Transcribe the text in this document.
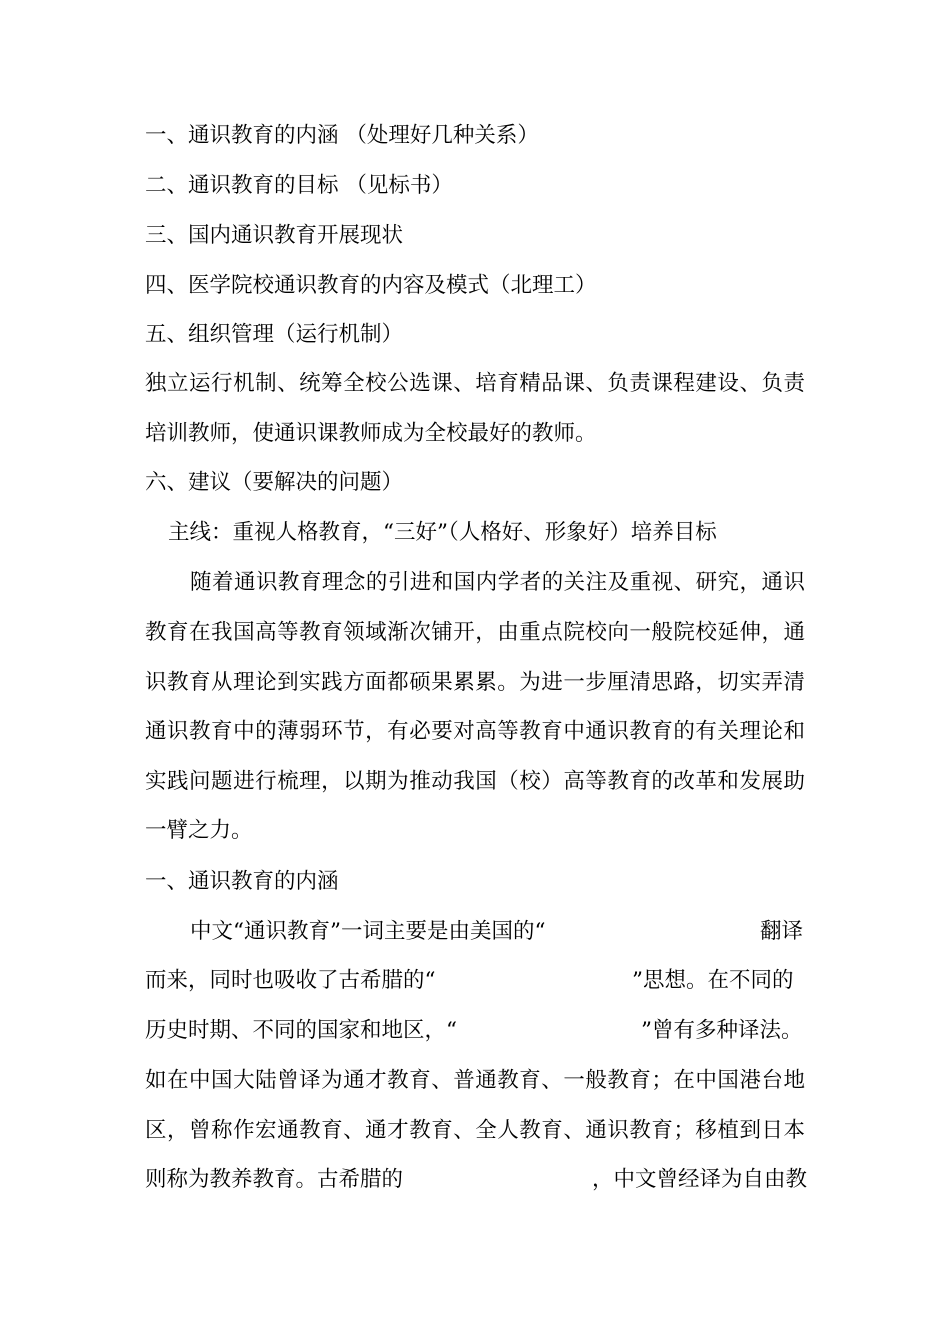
一、通识教育的内涵 （处理好几种关系）

二、通识教育的目标 （见标书）

三、国内通识教育开展现状

四、医学院校通识教育的内容及模式（北理工）

五、组织管理（运行机制）

独立运行机制、统筹全校公选课、培育精品课、负责课程建设、负责

培训教师，使通识课教师成为全校最好的教师。

六、建议（要解决的问题）

主线：重视人格教育，“三好”（人格好、形象好）培养目标

随着通识教育理念的引进和国内学者的关注及重视、研究，通识

教育在我国高等教育领域渐次铺开，由重点院校向一般院校延伸，通

识教育从理论到实践方面都硕果累累。为进一步厘清思路，切实弄清

通识教育中的薄弱环节，有必要对高等教育中通识教育的有关理论和

实践问题进行梳理，以期为推动我国（校）高等教育的改革和发展助

一臂之力。

一、通识教育的内涵

中文“通识教育”一词主要是由美国的“	翻译

而来，同时也吸收了古希腊的“	”思想。在不同的

历史时期、不同的国家和地区，“	”曾有多种译法。

如在中国大陆曾译为通才教育、普通教育、一般教育；在中国港台地

区，曾称作宏通教育、通才教育、全人教育、通识教育；移植到日本

则称为教养教育。古希腊的	，中文曾经译为自由教
